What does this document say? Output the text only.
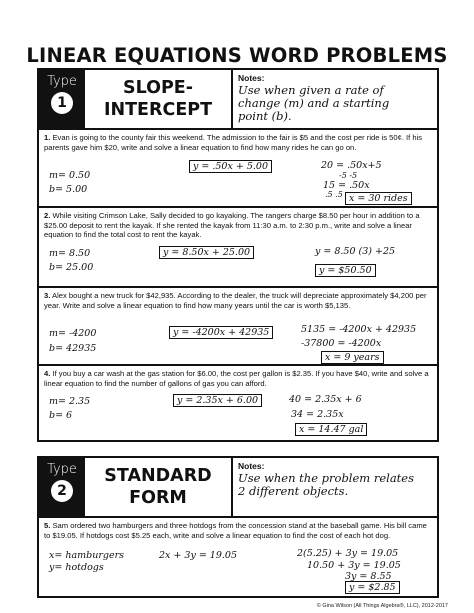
LINEAR EQUATIONS WORD PROBLEMS
Type
1
SLOPE-
INTERCEPT
Notes:
Use when given a rate of
change (m) and a starting
point (b).
1. Evan is going to the county fair this weekend. The admission to the fair is $5 and the cost per ride is 50¢. If his parents gave him $20, write and solve a linear equation to find how many rides he can go on.
m= 0.50
b= 5.00
y = .50x + 5.00	20 = .50x+5
-5 -5
15 = .50x
.5 .5 x = 30 rides
2. While visiting Crimson Lake, Sally decided to go kayaking. The rangers charge $8.50 per hour in addition to a $25.00 deposit to rent the kayak. If she rented the kayak from 11:30 a.m. to 2:30 p.m., write and solve a linear equation to find the total cost to rent the kayak.
m= 8.50
b= 25.00
y = 8.50x + 25.00	y = 8.50 (3) +25
y = $50.50
3. Alex bought a new truck for $42,935. According to the dealer, the truck will depreciate approximately $4,200 per year. Write and solve a linear equation to find how many years until the car is worth $5,135.
m= -4200
b= 42935
y = -4200x + 42935	5135 = -4200x + 42935
-37800 = -4200x
x = 9 years
4. If you buy a car wash at the gas station for $6.00, the cost per gallon is $2.35. If you have $40, write and solve a linear equation to find the number of gallons of gas you can afford.
m= 2.35
b= 6
y = 2.35x + 6.00	40 = 2.35x + 6
34 = 2.35x
x = 14.47 gal
Type
2
STANDARD
FORM
Notes:
Use when the problem relates
2 different objects.
5. Sam ordered two hamburgers and three hotdogs from the concession stand at the baseball game. His bill came to $19.05. If hotdogs cost $5.25 each, write and solve a linear equation to find the cost of each hot dog.
x= hamburgers
y= hotdogs
2x + 3y = 19.05	2(5.25) + 3y = 19.05
10.50 + 3y = 19.05
3y = 8.55
y = $2.85
© Gina Wilson (All Things Algebra®, LLC), 2012-2017
